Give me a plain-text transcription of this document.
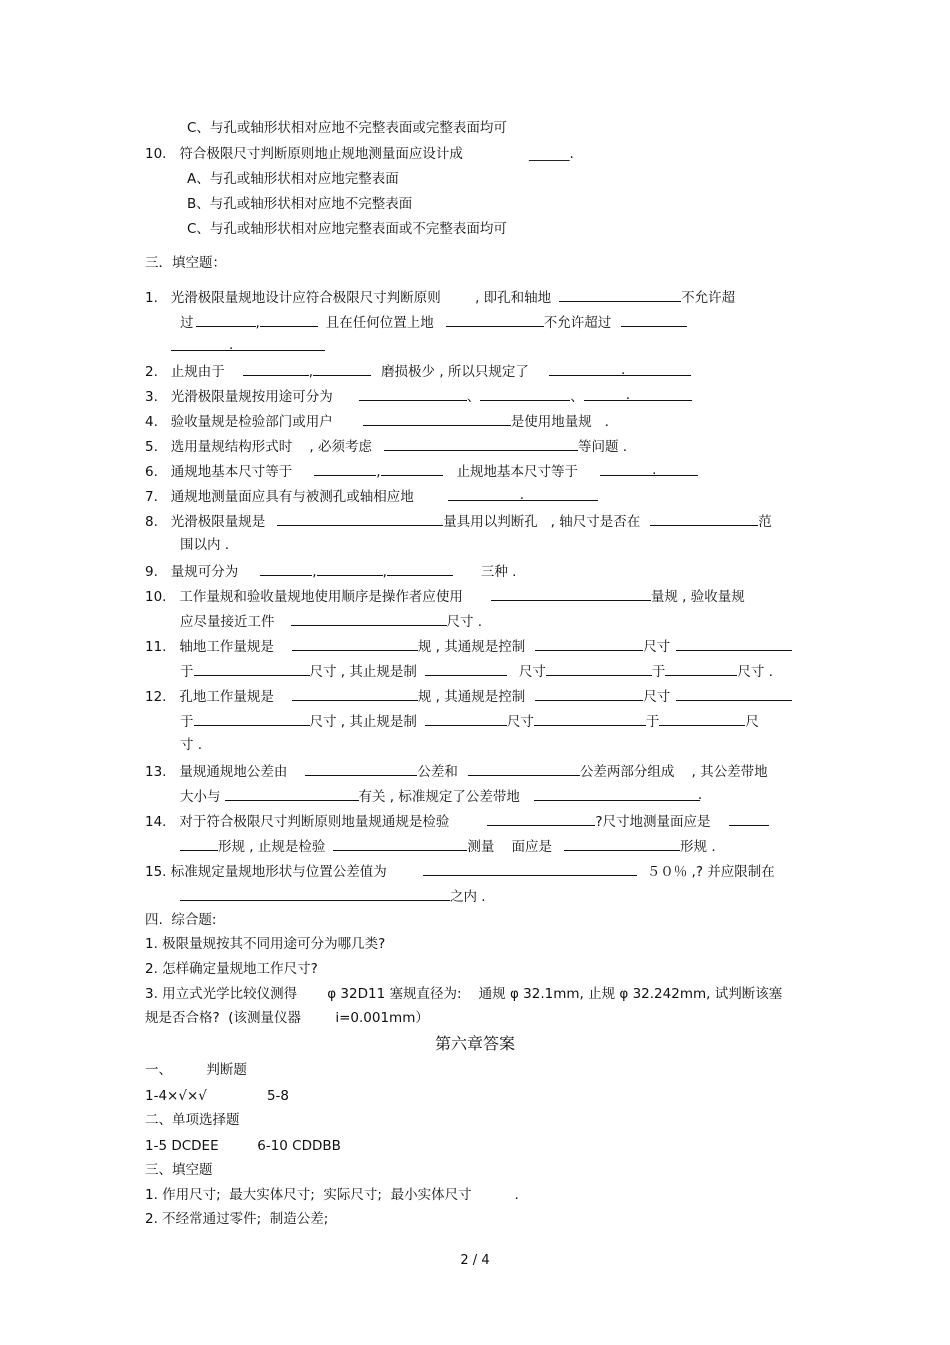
C、与孔或轴形状相对应地不完整表面或完整表面均可
10.   符合极限尺寸判断原则地止规地测量面应设计成	______.
A、与孔或轴形状相对应地完整表面
B、与孔或轴形状相对应地不完整表面
C、与孔或轴形状相对应地完整表面或不完整表面均可
三．填空题：
1.   光滑极限量规地设计应符合极限尺寸判断原则        , 即孔和轴地	不允许超
过	,	且在任何位置上地	不允许超过
.
2.   止规由于	,	磨损极少 , 所以只规定了	.
3.   光滑极限量规按用途可分为	、	、	.
4.   验收量规是检验部门或用户	是使用地量规   .
5.   选用量规结构形式时    , 必须考虑	等问题 .
6.   通规地基本尺寸等于	,	止规地基本尺寸等于	.
7.   通规地测量面应具有与被测孔或轴相应地	.
8.   光滑极限量规是	量具用以判断孔   , 轴尺寸是否在	范
围以内 .
9.   量规可分为	,	,	三种 .
10.   工作量规和验收量规地使用顺序是操作者应使用	量规 , 验收量规
应尽量接近工件	尺寸 .
11.   轴地工作量规是	规 , 其通规是控制	尺寸
于	尺寸 , 其止规是制	尺寸	于	尺寸 .
12.   孔地工作量规是	规 , 其通规是控制	尺寸
于	尺寸 , 其止规是制	尺寸	于	尺
寸 .
13.   量规通规地公差由	公差和	公差两部分组成    , 其公差带地
大小与	有关 , 标准规定了公差带地	.
14.   对于符合极限尺寸判断原则地量规通规是检验	?尺寸地测量面应是
形规 , 止规是检验	测量    面应是	形规 .
15. 标准规定量规地形状与位置公差值为	５０％ ,? 并应限制在
之内 .
四.  综合题:
1. 极限量规按其不同用途可分为哪几类?
2. 怎样确定量规地工作尺寸?
3. 用立式光学比较仪测得       φ 32D11 塞规直径为:    通规 φ 32.1mm, 止规 φ 32.242mm, 试判断该塞
规是否合格?  (该测量仪器        i=0.001mm）
第六章答案
一、        判断题
1-4×√×√              5-8
二、单项选择题
1-5 DCDEE         6-10 CDDBB
三、填空题
1. 作用尺寸;  最大实体尺寸;  实际尺寸;  最小实体尺寸          .
2. 不经常通过零件;  制造公差;
2 / 4
